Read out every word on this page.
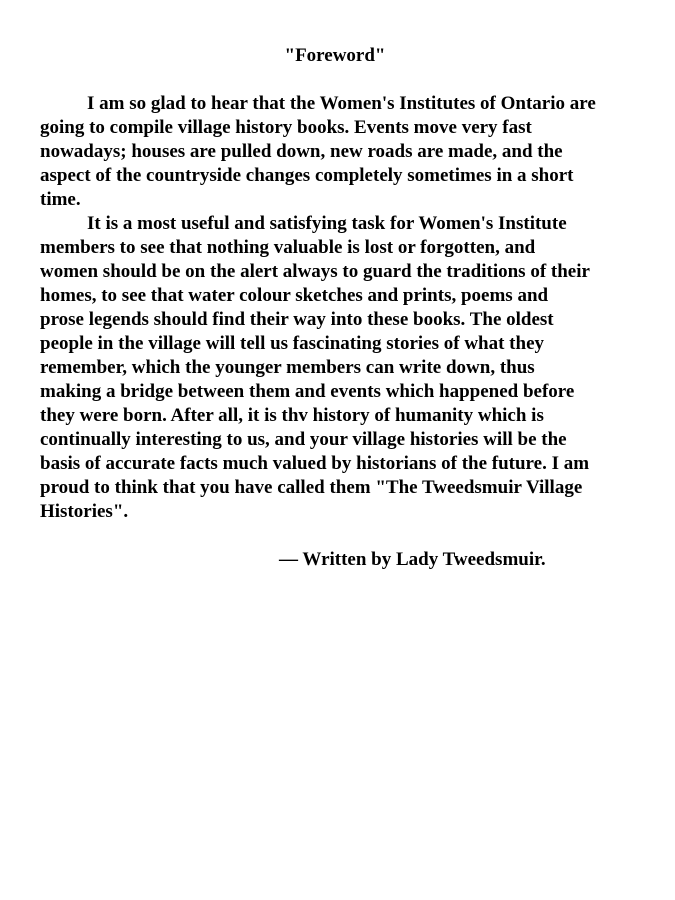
"Foreword"
I am so glad to hear that the Women's Institutes of Ontario are
going to compile village history books. Events move very fast
nowadays; houses are pulled down, new roads are made, and the
aspect of the countryside changes completely sometimes in a short
time.
It is a most useful and satisfying task for Women's Institute
members to see that nothing valuable is lost or forgotten, and
women should be on the alert always to guard the traditions of their
homes, to see that water colour sketches and prints, poems and
prose legends should find their way into these books. The oldest
people in the village will tell us fascinating stories of what they
remember, which the younger members can write down, thus
making a bridge between them and events which happened before
they were born. After all, it is thv history of humanity which is
continually interesting to us, and your village histories will be the
basis of accurate facts much valued by historians of the future. I am
proud to think that you have called them "The Tweedsmuir Village
Histories".
— Written by Lady Tweedsmuir.
